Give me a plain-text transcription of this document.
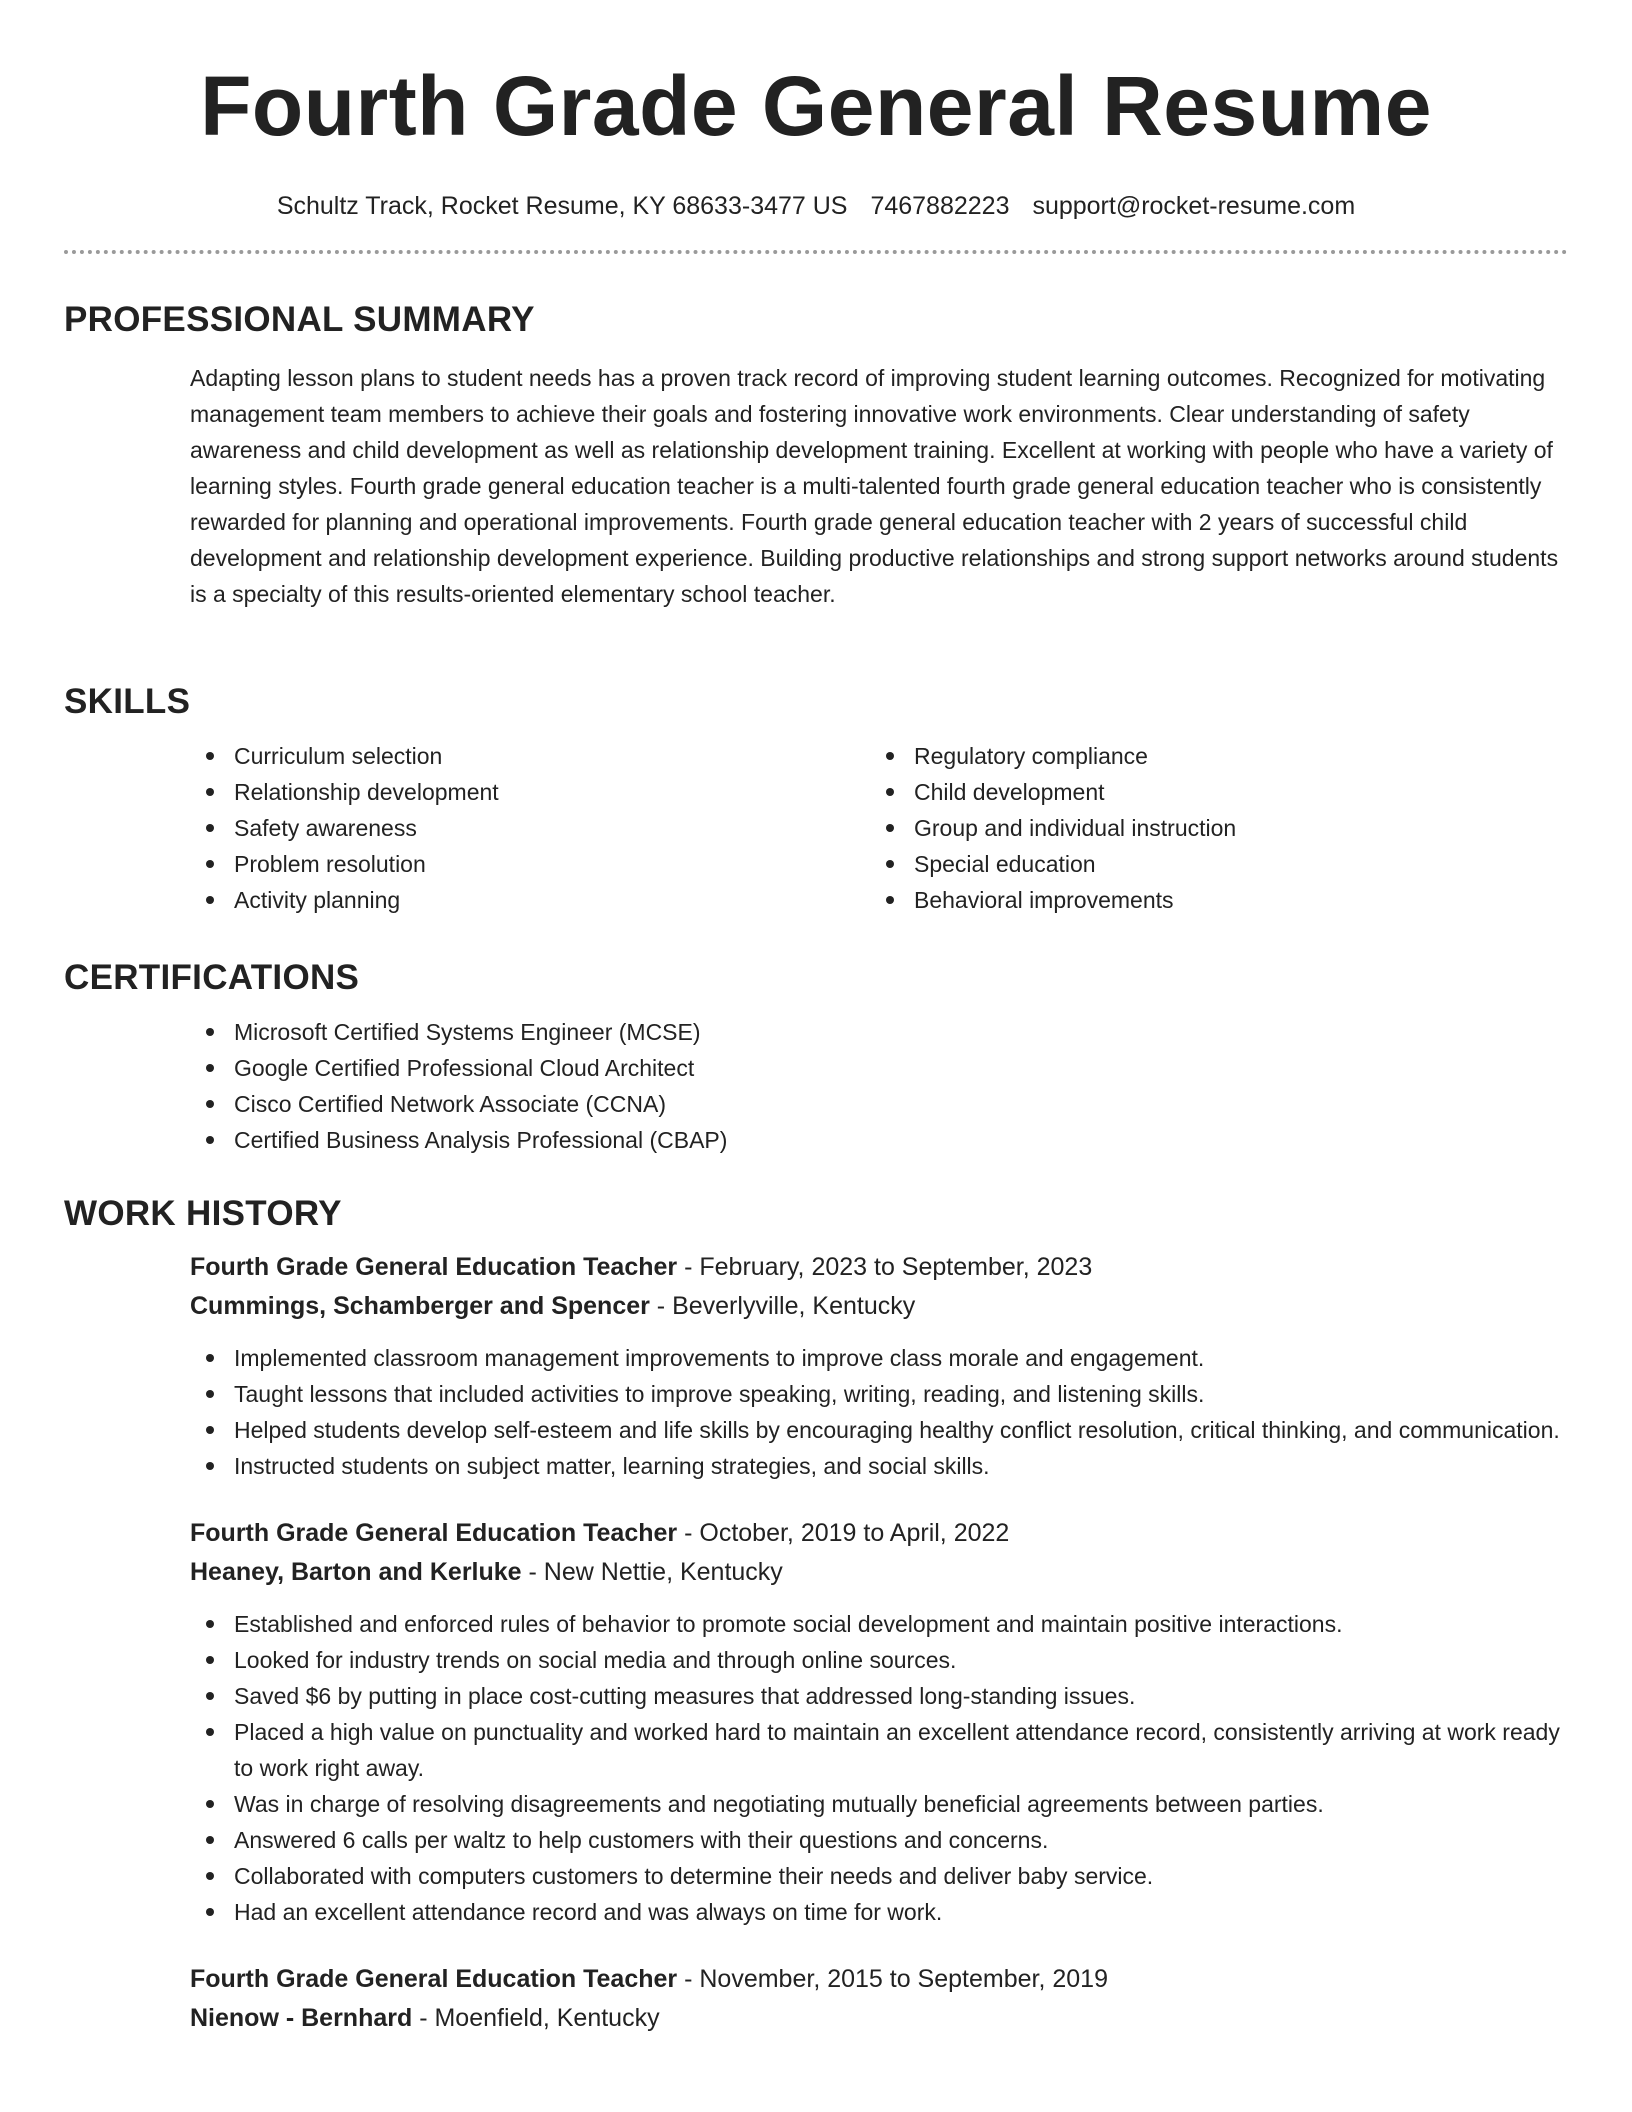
Fourth Grade General Resume
Schultz Track, Rocket Resume, KY 68633-3477 US 7467882223 support@rocket-resume.com
PROFESSIONAL SUMMARY
Adapting lesson plans to student needs has a proven track record of improving student learning outcomes. Recognized for motivating management team members to achieve their goals and fostering innovative work environments. Clear understanding of safety awareness and child development as well as relationship development training. Excellent at working with people who have a variety of learning styles. Fourth grade general education teacher is a multi-talented fourth grade general education teacher who is consistently rewarded for planning and operational improvements. Fourth grade general education teacher with 2 years of successful child development and relationship development experience. Building productive relationships and strong support networks around students is a specialty of this results-oriented elementary school teacher.
SKILLS
Curriculum selection
Relationship development
Safety awareness
Problem resolution
Activity planning
Regulatory compliance
Child development
Group and individual instruction
Special education
Behavioral improvements
CERTIFICATIONS
Microsoft Certified Systems Engineer (MCSE)
Google Certified Professional Cloud Architect
Cisco Certified Network Associate (CCNA)
Certified Business Analysis Professional (CBAP)
WORK HISTORY
Fourth Grade General Education Teacher - February, 2023 to September, 2023
Cummings, Schamberger and Spencer - Beverlyville, Kentucky
Implemented classroom management improvements to improve class morale and engagement.
Taught lessons that included activities to improve speaking, writing, reading, and listening skills.
Helped students develop self-esteem and life skills by encouraging healthy conflict resolution, critical thinking, and communication.
Instructed students on subject matter, learning strategies, and social skills.
Fourth Grade General Education Teacher - October, 2019 to April, 2022
Heaney, Barton and Kerluke - New Nettie, Kentucky
Established and enforced rules of behavior to promote social development and maintain positive interactions.
Looked for industry trends on social media and through online sources.
Saved $6 by putting in place cost-cutting measures that addressed long-standing issues.
Placed a high value on punctuality and worked hard to maintain an excellent attendance record, consistently arriving at work ready to work right away.
Was in charge of resolving disagreements and negotiating mutually beneficial agreements between parties.
Answered 6 calls per waltz to help customers with their questions and concerns.
Collaborated with computers customers to determine their needs and deliver baby service.
Had an excellent attendance record and was always on time for work.
Fourth Grade General Education Teacher - November, 2015 to September, 2019
Nienow - Bernhard - Moenfield, Kentucky
